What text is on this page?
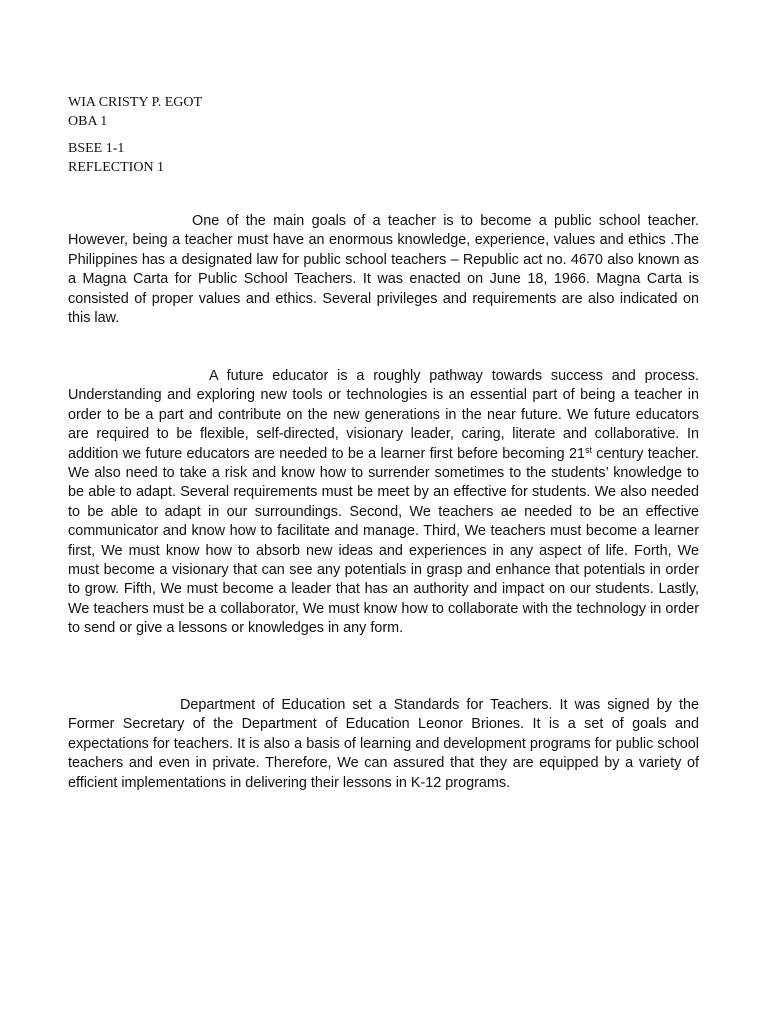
WIA CRISTY P. EGOT
OBA 1
BSEE 1-1
REFLECTION 1

One of the main goals of a teacher is to become a public school teacher. However, being a teacher must have an enormous knowledge, experience, values and ethics .The Philippines has a designated law for public school teachers – Republic act no. 4670 also known as a Magna Carta for Public School Teachers. It was enacted on June 18, 1966. Magna Carta is consisted of proper values and ethics. Several privileges and requirements are also indicated on this law.

A future educator is a roughly pathway towards success and process. Understanding and exploring new tools or technologies is an essential part of being a teacher in order to be a part and contribute on the new generations in the near future. We future educators are required to be flexible, self-directed, visionary leader, caring, literate and collaborative. In addition we future educators are needed to be a learner first before becoming 21st century teacher. We also need to take a risk and know how to surrender sometimes to the students’ knowledge to be able to adapt. Several requirements must be meet by an effective for students. We also needed to be able to adapt in our surroundings. Second, We teachers ae needed to be an effective communicator and know how to facilitate and manage. Third, We teachers must become a learner first, We must know how to absorb new ideas and experiences in any aspect of life. Forth, We must become a visionary that can see any potentials in grasp and enhance that potentials in order to grow. Fifth, We must become a leader that has an authority and impact on our students. Lastly, We teachers must be a collaborator, We must know how to collaborate with the technology in order to send or give a lessons or knowledges in any form.

Department of Education set a Standards for Teachers. It was signed by the Former Secretary of the Department of Education Leonor Briones. It is a set of goals and expectations for teachers. It is also a basis of learning and development programs for public school teachers and even in private. Therefore, We can assured that they are equipped by a variety of efficient implementations in delivering their lessons in K-12 programs.
